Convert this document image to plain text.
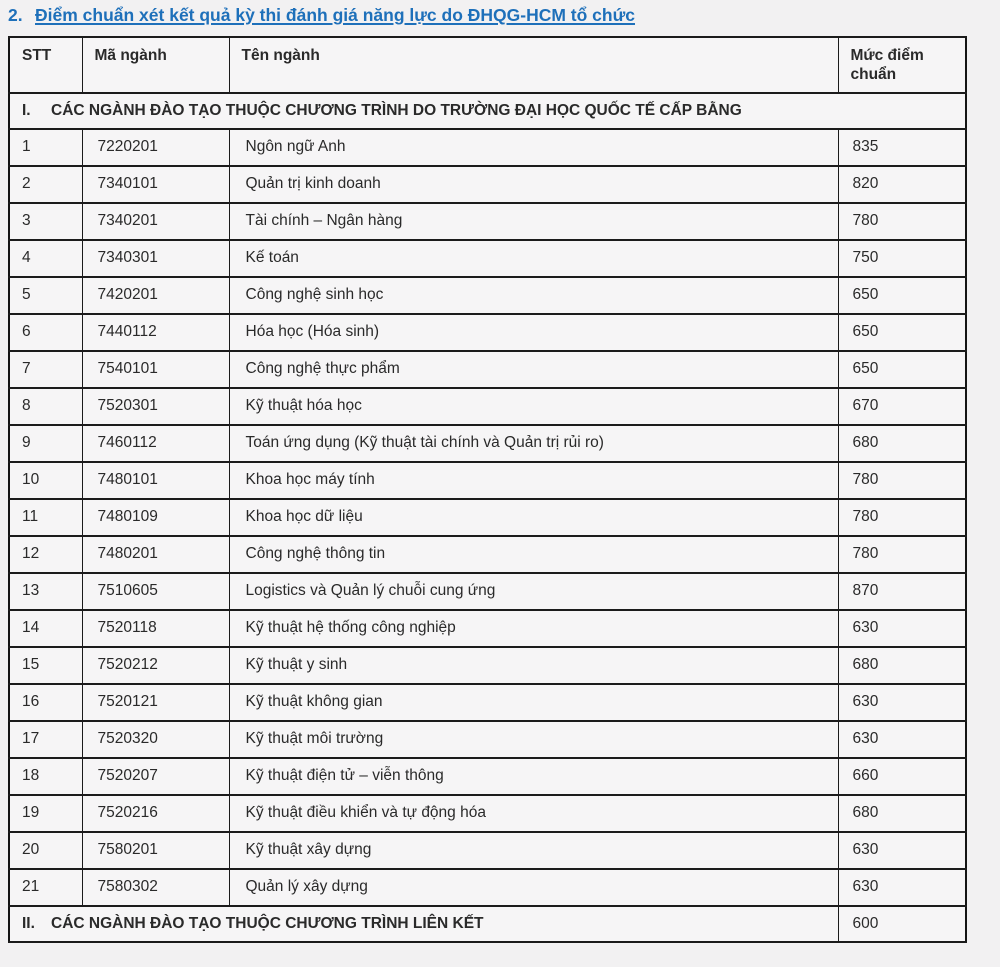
2. Điểm chuẩn xét kết quả kỳ thi đánh giá năng lực do ĐHQG-HCM tổ chức
STT	Mã ngành	Tên ngành	Mức điểm chuẩn
I. CÁC NGÀNH ĐÀO TẠO THUỘC CHƯƠNG TRÌNH DO TRƯỜNG ĐẠI HỌC QUỐC TẾ CẤP BẰNG			
1	7220201	Ngôn ngữ Anh	835
2	7340101	Quản trị kinh doanh	820
3	7340201	Tài chính – Ngân hàng	780
4	7340301	Kế toán	750
5	7420201	Công nghệ sinh học	650
6	7440112	Hóa học (Hóa sinh)	650
7	7540101	Công nghệ thực phẩm	650
8	7520301	Kỹ thuật hóa học	670
9	7460112	Toán ứng dụng (Kỹ thuật tài chính và Quản trị rủi ro)	680
10	7480101	Khoa học máy tính	780
11	7480109	Khoa học dữ liệu	780
12	7480201	Công nghệ thông tin	780
13	7510605	Logistics và Quản lý chuỗi cung ứng	870
14	7520118	Kỹ thuật hệ thống công nghiệp	630
15	7520212	Kỹ thuật y sinh	680
16	7520121	Kỹ thuật không gian	630
17	7520320	Kỹ thuật môi trường	630
18	7520207	Kỹ thuật điện tử – viễn thông	660
19	7520216	Kỹ thuật điều khiển và tự động hóa	680
20	7580201	Kỹ thuật xây dựng	630
21	7580302	Quản lý xây dựng	630
II. CÁC NGÀNH ĐÀO TẠO THUỘC CHƯƠNG TRÌNH LIÊN KẾT			600
